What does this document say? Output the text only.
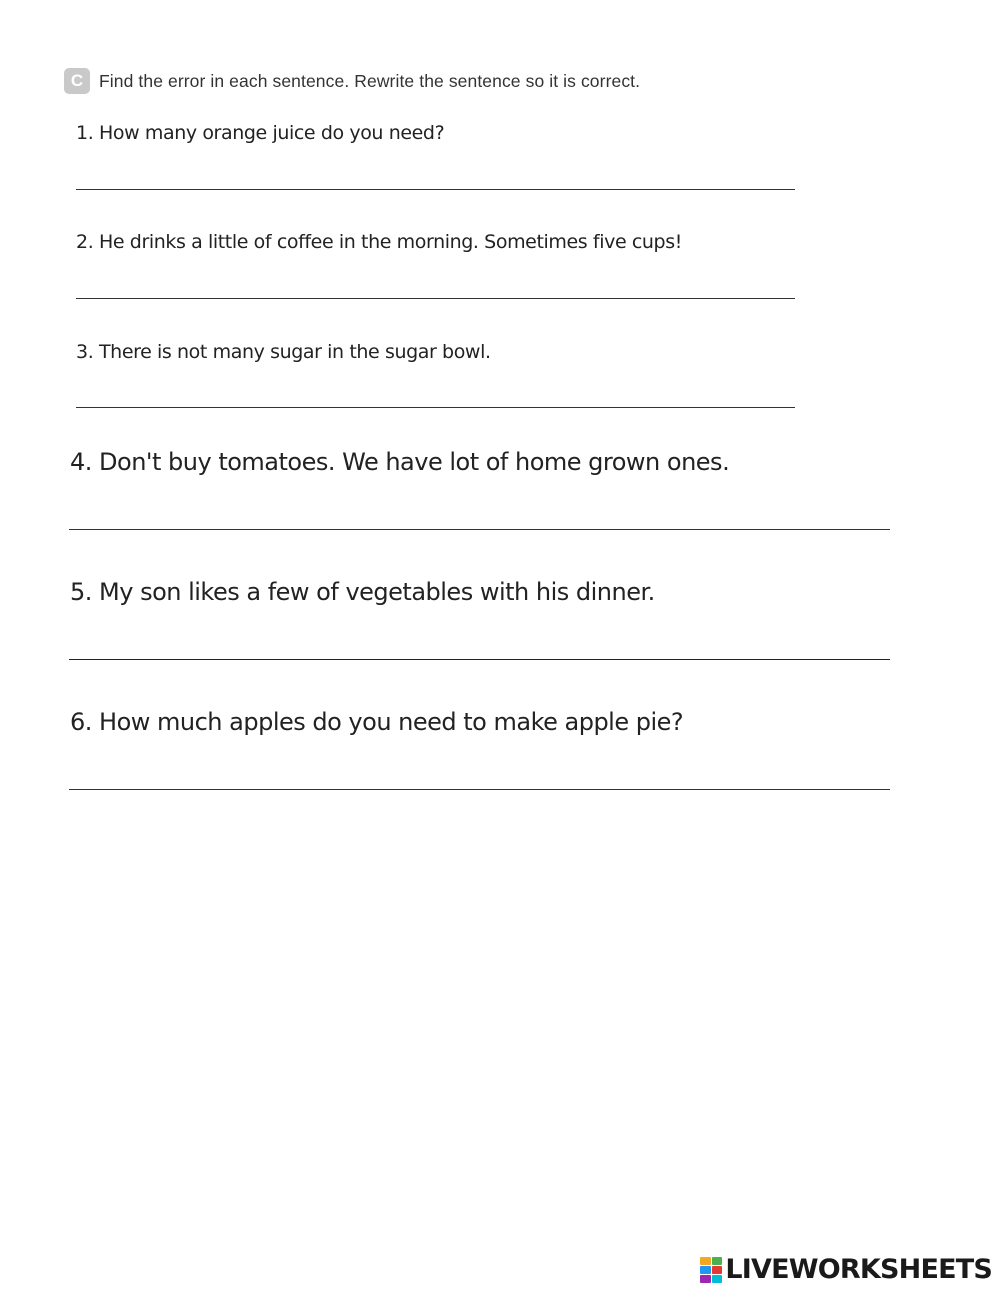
C Find the error in each sentence. Rewrite the sentence so it is correct.
1. How many orange juice do you need?
2. He drinks a little of coffee in the morning. Sometimes five cups!
3. There is not many sugar in the sugar bowl.
4. Don't buy tomatoes. We have lot of home grown ones.
5. My son likes a few of vegetables with his dinner.
6. How much apples do you need to make apple pie?
LIVEWORKSHEETS
